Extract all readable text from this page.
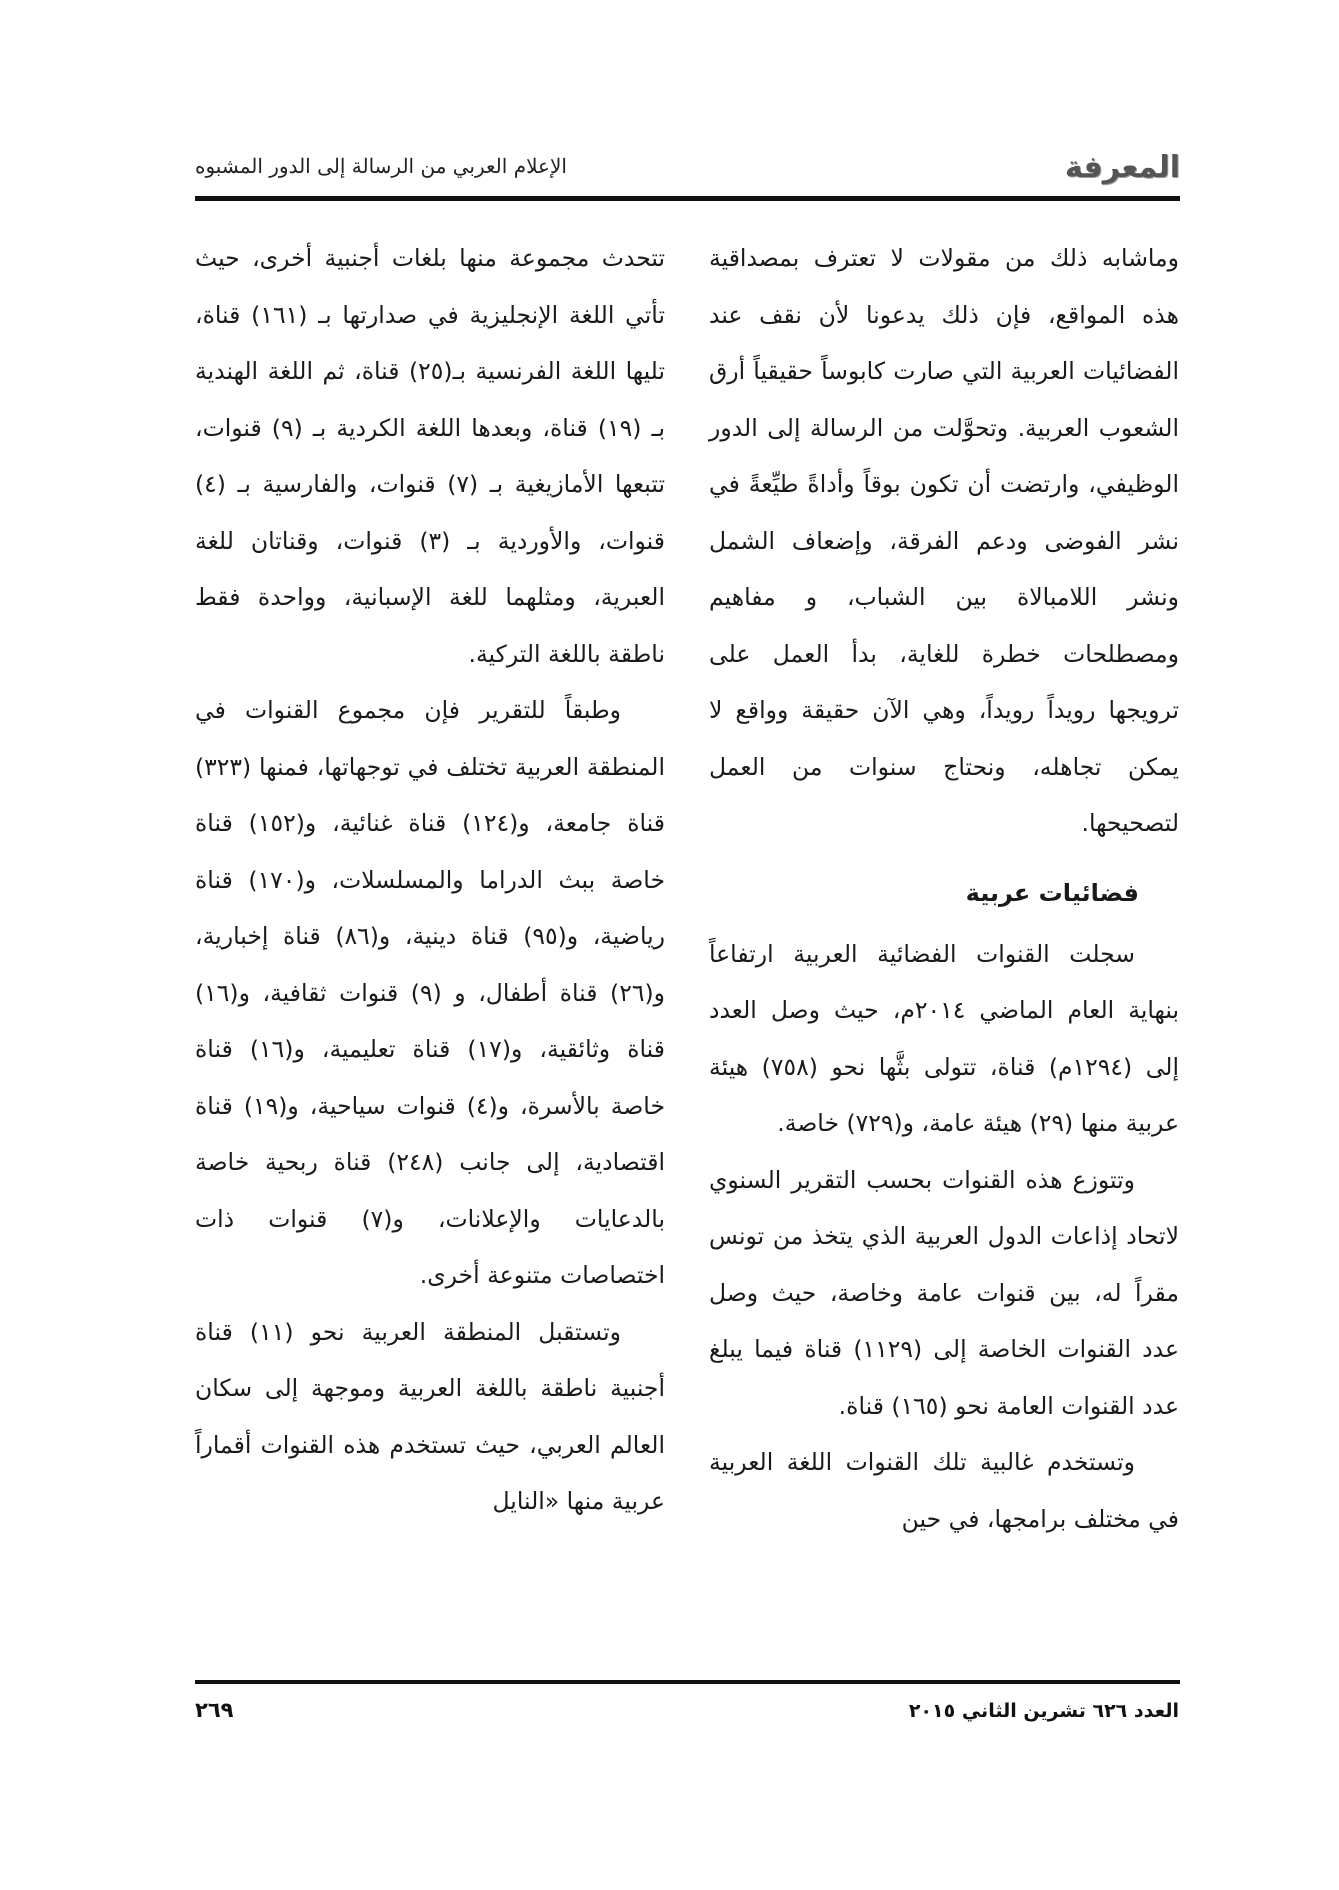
المعرفة
الإعلام العربي من الرسالة إلى الدور المشبوه

وماشابه ذلك من مقولات لا تعترف بمصداقية هذه المواقع، فإن ذلك يدعونا لأن نقف عند الفضائيات العربية التي صارت كابوساً حقيقياً أرق الشعوب العربية. وتحوَّلت من الرسالة إلى الدور الوظيفي، وارتضت أن تكون بوقاً وأداةً طيِّعةً في نشر الفوضى ودعم الفرقة، وإضعاف الشمل ونشر اللامبالاة بين الشباب، و مفاهيم ومصطلحات خطرة للغاية، بدأ العمل على ترويجها رويداً رويداً، وهي الآن حقيقة وواقع لا يمكن تجاهله، ونحتاج سنوات من العمل لتصحيحها.

فضائيات عربية

سجلت القنوات الفضائية العربية ارتفاعاً بنهاية العام الماضي ٢٠١٤م، حيث وصل العدد إلى (١٢٩٤م) قناة، تتولى بثَّها نحو (٧٥٨) هيئة عربية منها (٢٩) هيئة عامة، و(٧٢٩) خاصة.

وتتوزع هذه القنوات بحسب التقرير السنوي لاتحاد إذاعات الدول العربية الذي يتخذ من تونس مقراً له، بين قنوات عامة وخاصة، حيث وصل عدد القنوات الخاصة إلى (١١٢٩) قناة فيما يبلغ عدد القنوات العامة نحو (١٦٥) قناة.

وتستخدم غالبية تلك القنوات اللغة العربية في مختلف برامجها، في حين

تتحدث مجموعة منها بلغات أجنبية أخرى، حيث تأتي اللغة الإنجليزية في صدارتها بـ (١٦١) قناة، تليها اللغة الفرنسية بـ(٢٥) قناة، ثم اللغة الهندية بـ (١٩) قناة، وبعدها اللغة الكردية بـ (٩) قنوات، تتبعها الأمازيغية بـ (٧) قنوات، والفارسية بـ (٤) قنوات، والأوردية بـ (٣) قنوات، وقناتان للغة العبرية، ومثلهما للغة الإسبانية، وواحدة فقط ناطقة باللغة التركية.

وطبقاً للتقرير فإن مجموع القنوات في المنطقة العربية تختلف في توجهاتها، فمنها (٣٢٣) قناة جامعة، و(١٢٤) قناة غنائية، و(١٥٢) قناة خاصة ببث الدراما والمسلسلات، و(١٧٠) قناة رياضية، و(٩٥) قناة دينية، و(٨٦) قناة إخبارية، و(٢٦) قناة أطفال، و (٩) قنوات ثقافية، و(١٦) قناة وثائقية، و(١٧) قناة تعليمية، و(١٦) قناة خاصة بالأسرة، و(٤) قنوات سياحية، و(١٩) قناة اقتصادية، إلى جانب (٢٤٨) قناة ربحية خاصة بالدعايات والإعلانات، و(٧) قنوات ذات اختصاصات متنوعة أخرى.

وتستقبل المنطقة العربية نحو (١١) قناة أجنبية ناطقة باللغة العربية وموجهة إلى سكان العالم العربي، حيث تستخدم هذه القنوات أقماراً عربية منها «النايل

العدد ٦٢٦ تشرين الثاني ٢٠١٥
٢٦٩
